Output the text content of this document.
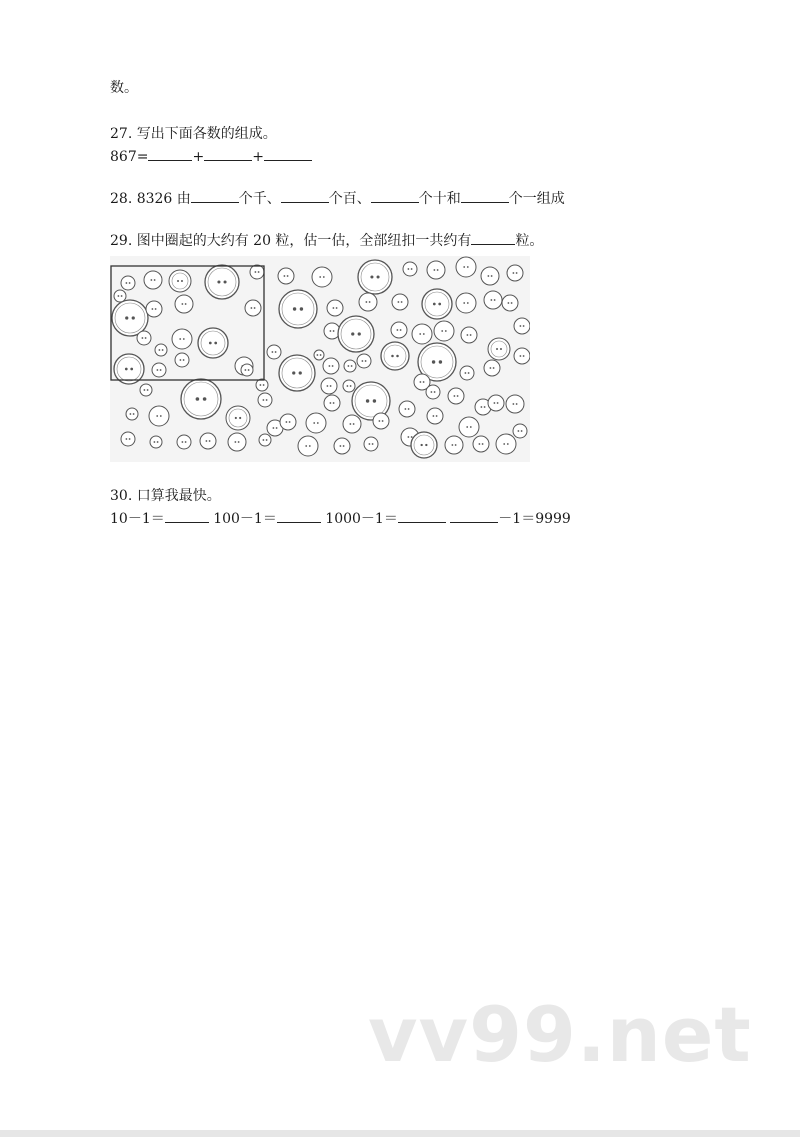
数。
27. 写出下面各数的组成。
867=	+	+
28. 8326 由	个千、	个百、	个十和	个一组成
29. 图中圈起的大约有 20 粒，估一估，全部纽扣一共约有	粒。
30. 口算我最快。
10－1＝	100－1＝	1000－1＝	－1＝9999
vv99.net
